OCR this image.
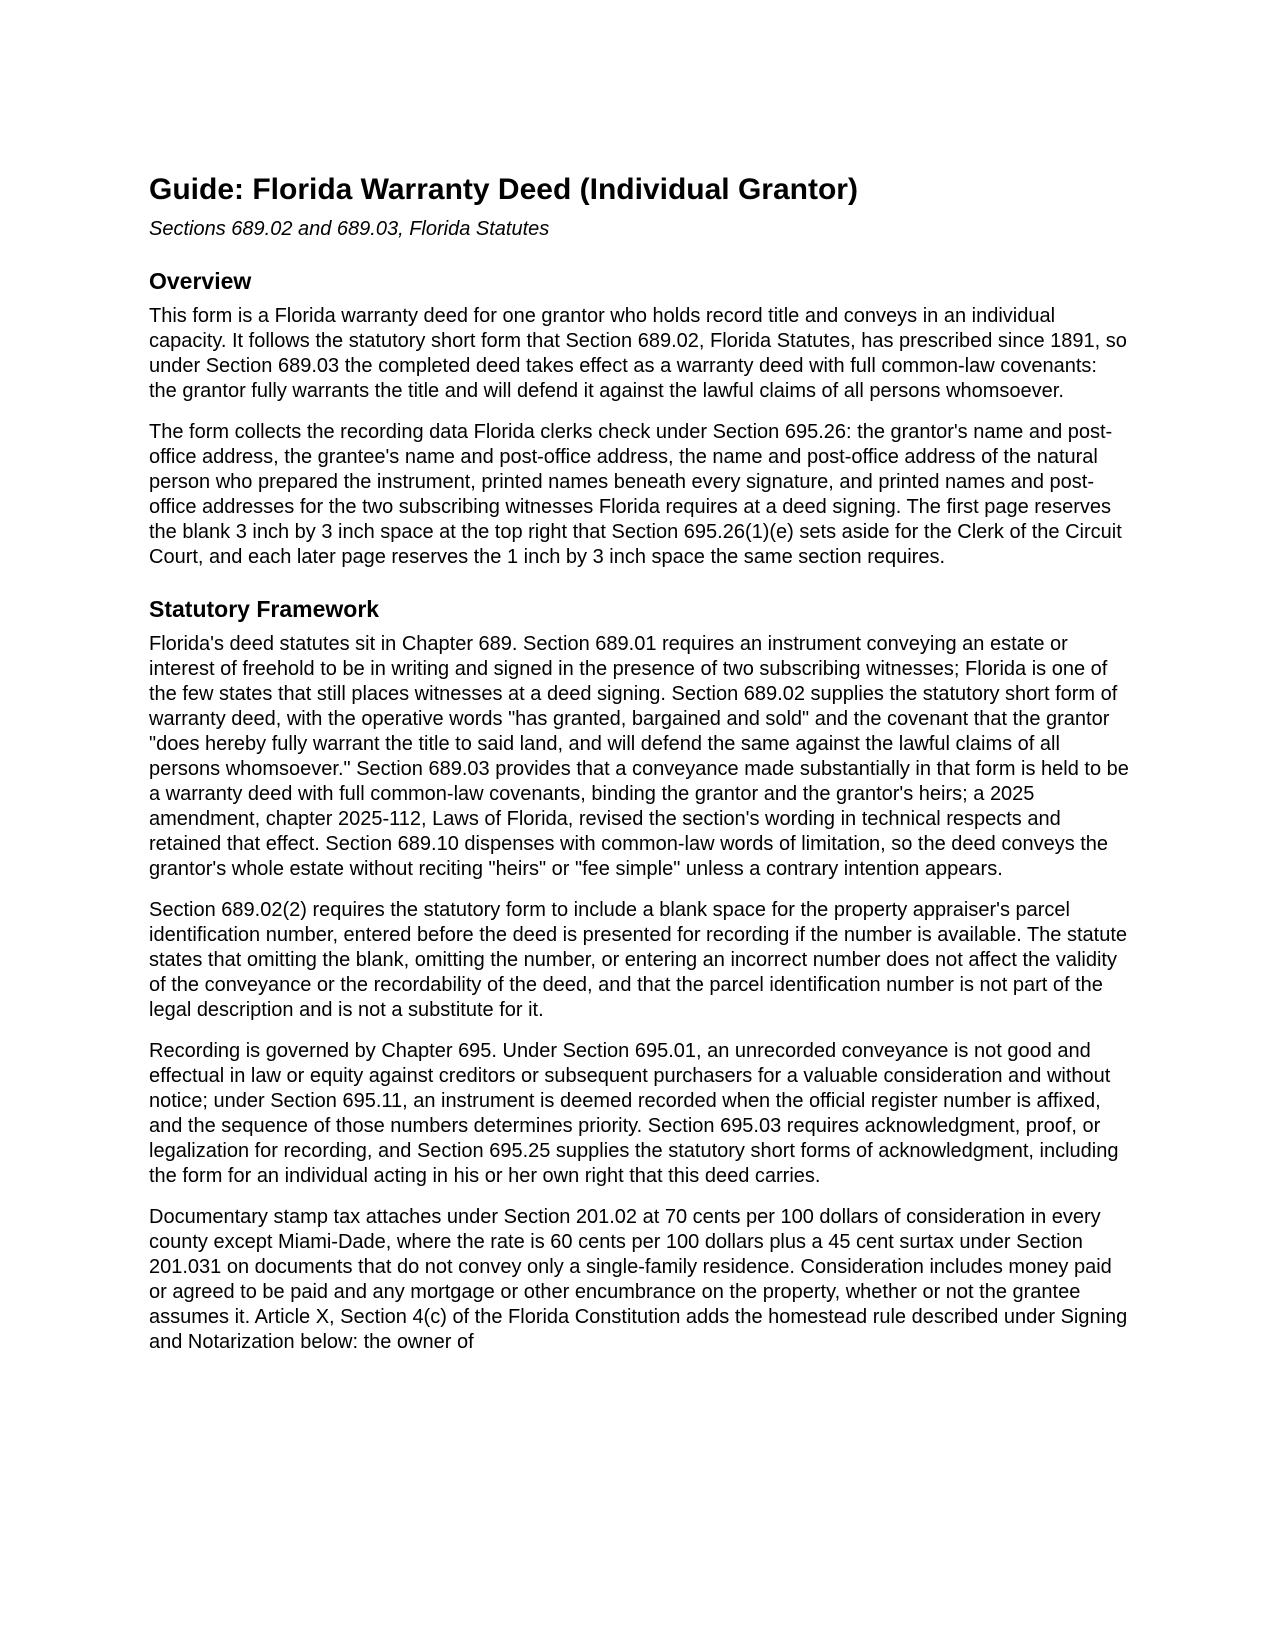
Guide: Florida Warranty Deed (Individual Grantor)
Sections 689.02 and 689.03, Florida Statutes
Overview

This form is a Florida warranty deed for one grantor who holds record title and conveys in an individual capacity. It follows the statutory short form that Section 689.02, Florida Statutes, has prescribed since 1891, so under Section 689.03 the completed deed takes effect as a warranty deed with full common-law covenants: the grantor fully warrants the title and will defend it against the lawful claims of all persons whomsoever.

The form collects the recording data Florida clerks check under Section 695.26: the grantor's name and post-office address, the grantee's name and post-office address, the name and post-office address of the natural person who prepared the instrument, printed names beneath every signature, and printed names and post-office addresses for the two subscribing witnesses Florida requires at a deed signing. The first page reserves the blank 3 inch by 3 inch space at the top right that Section 695.26(1)(e) sets aside for the Clerk of the Circuit Court, and each later page reserves the 1 inch by 3 inch space the same section requires.

Statutory Framework

Florida's deed statutes sit in Chapter 689. Section 689.01 requires an instrument conveying an estate or interest of freehold to be in writing and signed in the presence of two subscribing witnesses; Florida is one of the few states that still places witnesses at a deed signing. Section 689.02 supplies the statutory short form of warranty deed, with the operative words "has granted, bargained and sold" and the covenant that the grantor "does hereby fully warrant the title to said land, and will defend the same against the lawful claims of all persons whomsoever." Section 689.03 provides that a conveyance made substantially in that form is held to be a warranty deed with full common-law covenants, binding the grantor and the grantor's heirs; a 2025 amendment, chapter 2025-112, Laws of Florida, revised the section's wording in technical respects and retained that effect. Section 689.10 dispenses with common-law words of limitation, so the deed conveys the grantor's whole estate without reciting "heirs" or "fee simple" unless a contrary intention appears.

Section 689.02(2) requires the statutory form to include a blank space for the property appraiser's parcel identification number, entered before the deed is presented for recording if the number is available. The statute states that omitting the blank, omitting the number, or entering an incorrect number does not affect the validity of the conveyance or the recordability of the deed, and that the parcel identification number is not part of the legal description and is not a substitute for it.

Recording is governed by Chapter 695. Under Section 695.01, an unrecorded conveyance is not good and effectual in law or equity against creditors or subsequent purchasers for a valuable consideration and without notice; under Section 695.11, an instrument is deemed recorded when the official register number is affixed, and the sequence of those numbers determines priority. Section 695.03 requires acknowledgment, proof, or legalization for recording, and Section 695.25 supplies the statutory short forms of acknowledgment, including the form for an individual acting in his or her own right that this deed carries.

Documentary stamp tax attaches under Section 201.02 at 70 cents per 100 dollars of consideration in every county except Miami-Dade, where the rate is 60 cents per 100 dollars plus a 45 cent surtax under Section 201.031 on documents that do not convey only a single-family residence. Consideration includes money paid or agreed to be paid and any mortgage or other encumbrance on the property, whether or not the grantee assumes it. Article X, Section 4(c) of the Florida Constitution adds the homestead rule described under Signing and Notarization below: the owner of
